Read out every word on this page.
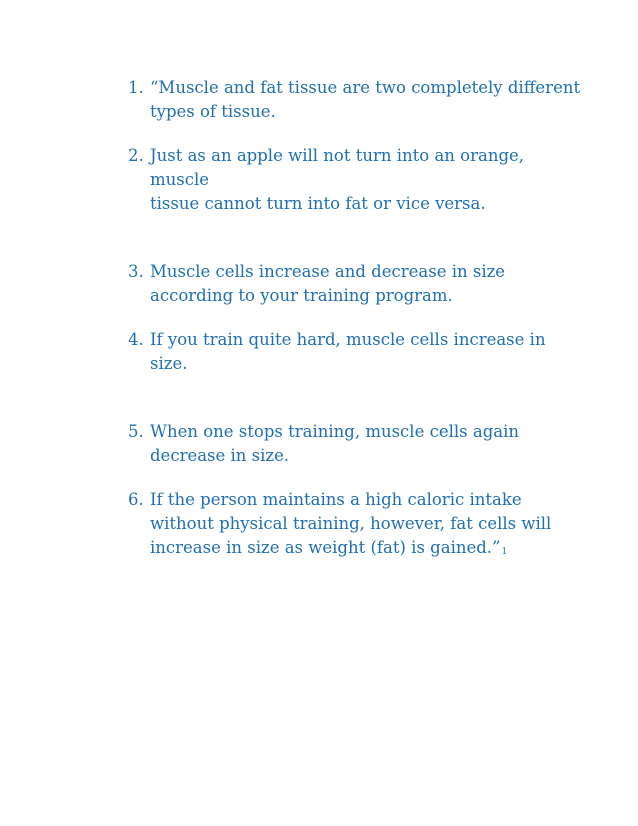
1. “Muscle and fat tissue are two completely different
types of tissue.
2. Just as an apple will not turn into an orange, muscle
tissue cannot turn into fat or vice versa.
3. Muscle cells increase and decrease in size
according to your training program.
4. If you train quite hard, muscle cells increase in size.
5. When one stops training, muscle cells again
decrease in size.
6. If the person maintains a high caloric intake
without physical training, however, fat cells will
increase in size as weight (fat) is gained.”1
